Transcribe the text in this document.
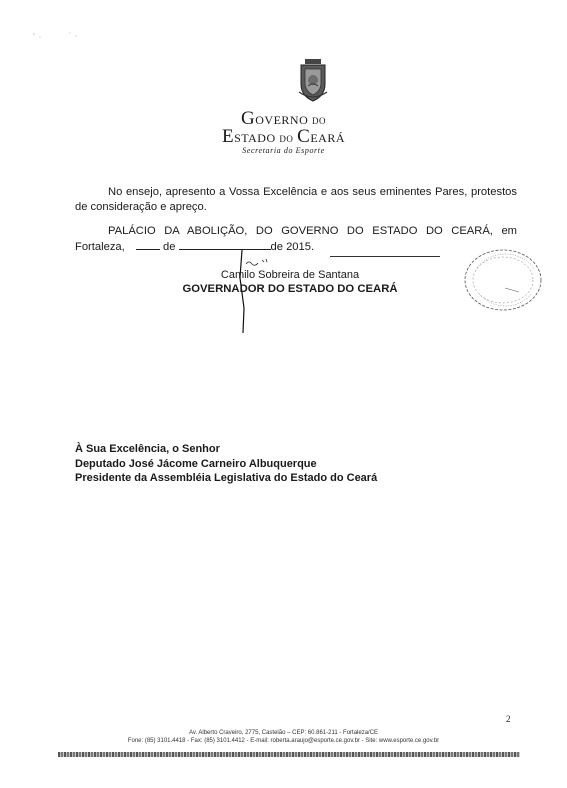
Governo do
Estado do Ceará
Secretaria do Esporte
No ensejo, apresento a Vossa Excelência e aos seus eminentes Pares, protestos de consideração e apreço.
PALÁCIO DA ABOLIÇÃO, DO GOVERNO DO ESTADO DO CEARÁ, em
Fortaleza,	de	de 2015.
Camilo Sobreira de Santana
GOVERNADOR DO ESTADO DO CEARÁ
À Sua Excelência, o Senhor
Deputado José Jácome Carneiro Albuquerque
Presidente da Assembléia Legislativa do Estado do Ceará
2
Av. Alberto Craveiro, 2775, Castelão – CEP: 60.861-211 - Fortaleza/CE
Fone: (85) 3101.4418 - Fax: (85) 3101.4412 - E-mail: roberta.araujo@esporte.ce.gov.br - Site: www.esporte.ce.gov.br
